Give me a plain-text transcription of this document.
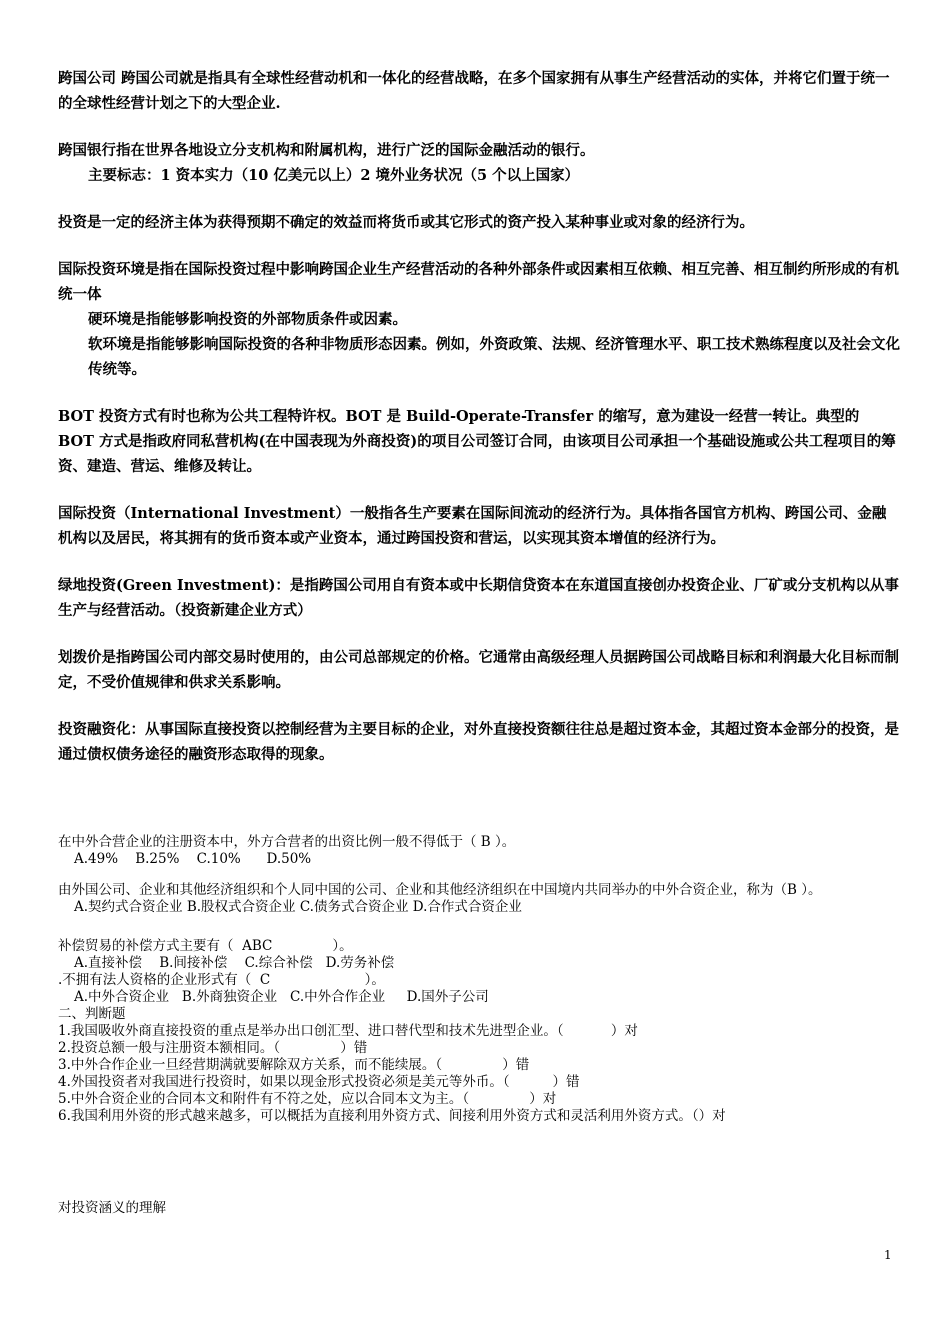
跨国公司 跨国公司就是指具有全球性经营动机和一体化的经营战略，在多个国家拥有从事生产经营活动的实体，并将它们置于统一的全球性经营计划之下的大型企业.

跨国银行指在世界各地设立分支机构和附属机构，进行广泛的国际金融活动的银行。
主要标志：1 资本实力（10 亿美元以上）2 境外业务状况（5 个以上国家）

投资是一定的经济主体为获得预期不确定的效益而将货币或其它形式的资产投入某种事业或对象的经济行为。

国际投资环境是指在国际投资过程中影响跨国企业生产经营活动的各种外部条件或因素相互依赖、相互完善、相互制约所形成的有机统一体
硬环境是指能够影响投资的外部物质条件或因素。
软环境是指能够影响国际投资的各种非物质形态因素。例如，外资政策、法规、经济管理水平、职工技术熟练程度以及社会文化传统等。

BOT 投资方式有时也称为公共工程特许权。BOT 是 Build-Operate-Transfer 的缩写，意为建设一经营一转让。典型的 BOT 方式是指政府同私营机构(在中国表现为外商投资)的项目公司签订合同，由该项目公司承担一个基础设施或公共工程项目的筹资、建造、营运、维修及转让。

国际投资（International Investment）一般指各生产要素在国际间流动的经济行为。具体指各国官方机构、跨国公司、金融机构以及居民，将其拥有的货币资本或产业资本，通过跨国投资和营运，以实现其资本增值的经济行为。

绿地投资(Green Investment)：是指跨国公司用自有资本或中长期信贷资本在东道国直接创办投资企业、厂矿或分支机构以从事生产与经营活动。（投资新建企业方式）

划拨价是指跨国公司内部交易时使用的，由公司总部规定的价格。它通常由高级经理人员据跨国公司战略目标和利润最大化目标而制定，不受价值规律和供求关系影响。

投资融资化：从事国际直接投资以控制经营为主要目标的企业，对外直接投资额往往总是超过资本金，其超过资本金部分的投资，是通过债权债务途径的融资形态取得的现象。

在中外合营企业的注册资本中，外方合营者的出资比例一般不得低于（ B ）。
A.49%    B.25%    C.10%      D.50%
由外国公司、企业和其他经济组织和个人同中国的公司、企业和其他经济组织在中国境内共同举办的中外合资企业，称为（B ）。
A.契约式合资企业 B.股权式合资企业 C.债务式合资企业 D.合作式合资企业
补偿贸易的补偿方式主要有（  ABC              ）。
A.直接补偿    B.间接补偿    C.综合补偿   D.劳务补偿
.不拥有法人资格的企业形式有（  C                      ）。
A.中外合资企业   B.外商独资企业   C.中外合作企业     D.国外子公司
二、判断题
1.我国吸收外商直接投资的重点是举办出口创汇型、进口替代型和技术先进型企业。（           ）对
2.投资总额一般与注册资本额相同。（              ）错
3.中外合作企业一旦经营期满就要解除双方关系，而不能续展。（              ）错
4.外国投资者对我国进行投资时，如果以现金形式投资必须是美元等外币。（          ）错
5.中外合资企业的合同本文和附件有不符之处，应以合同本文为主。（              ）对
6.我国利用外资的形式越来越多，可以概括为直接利用外资方式、间接利用外资方式和灵活利用外资方式。（）对
对投资涵义的理解
1
